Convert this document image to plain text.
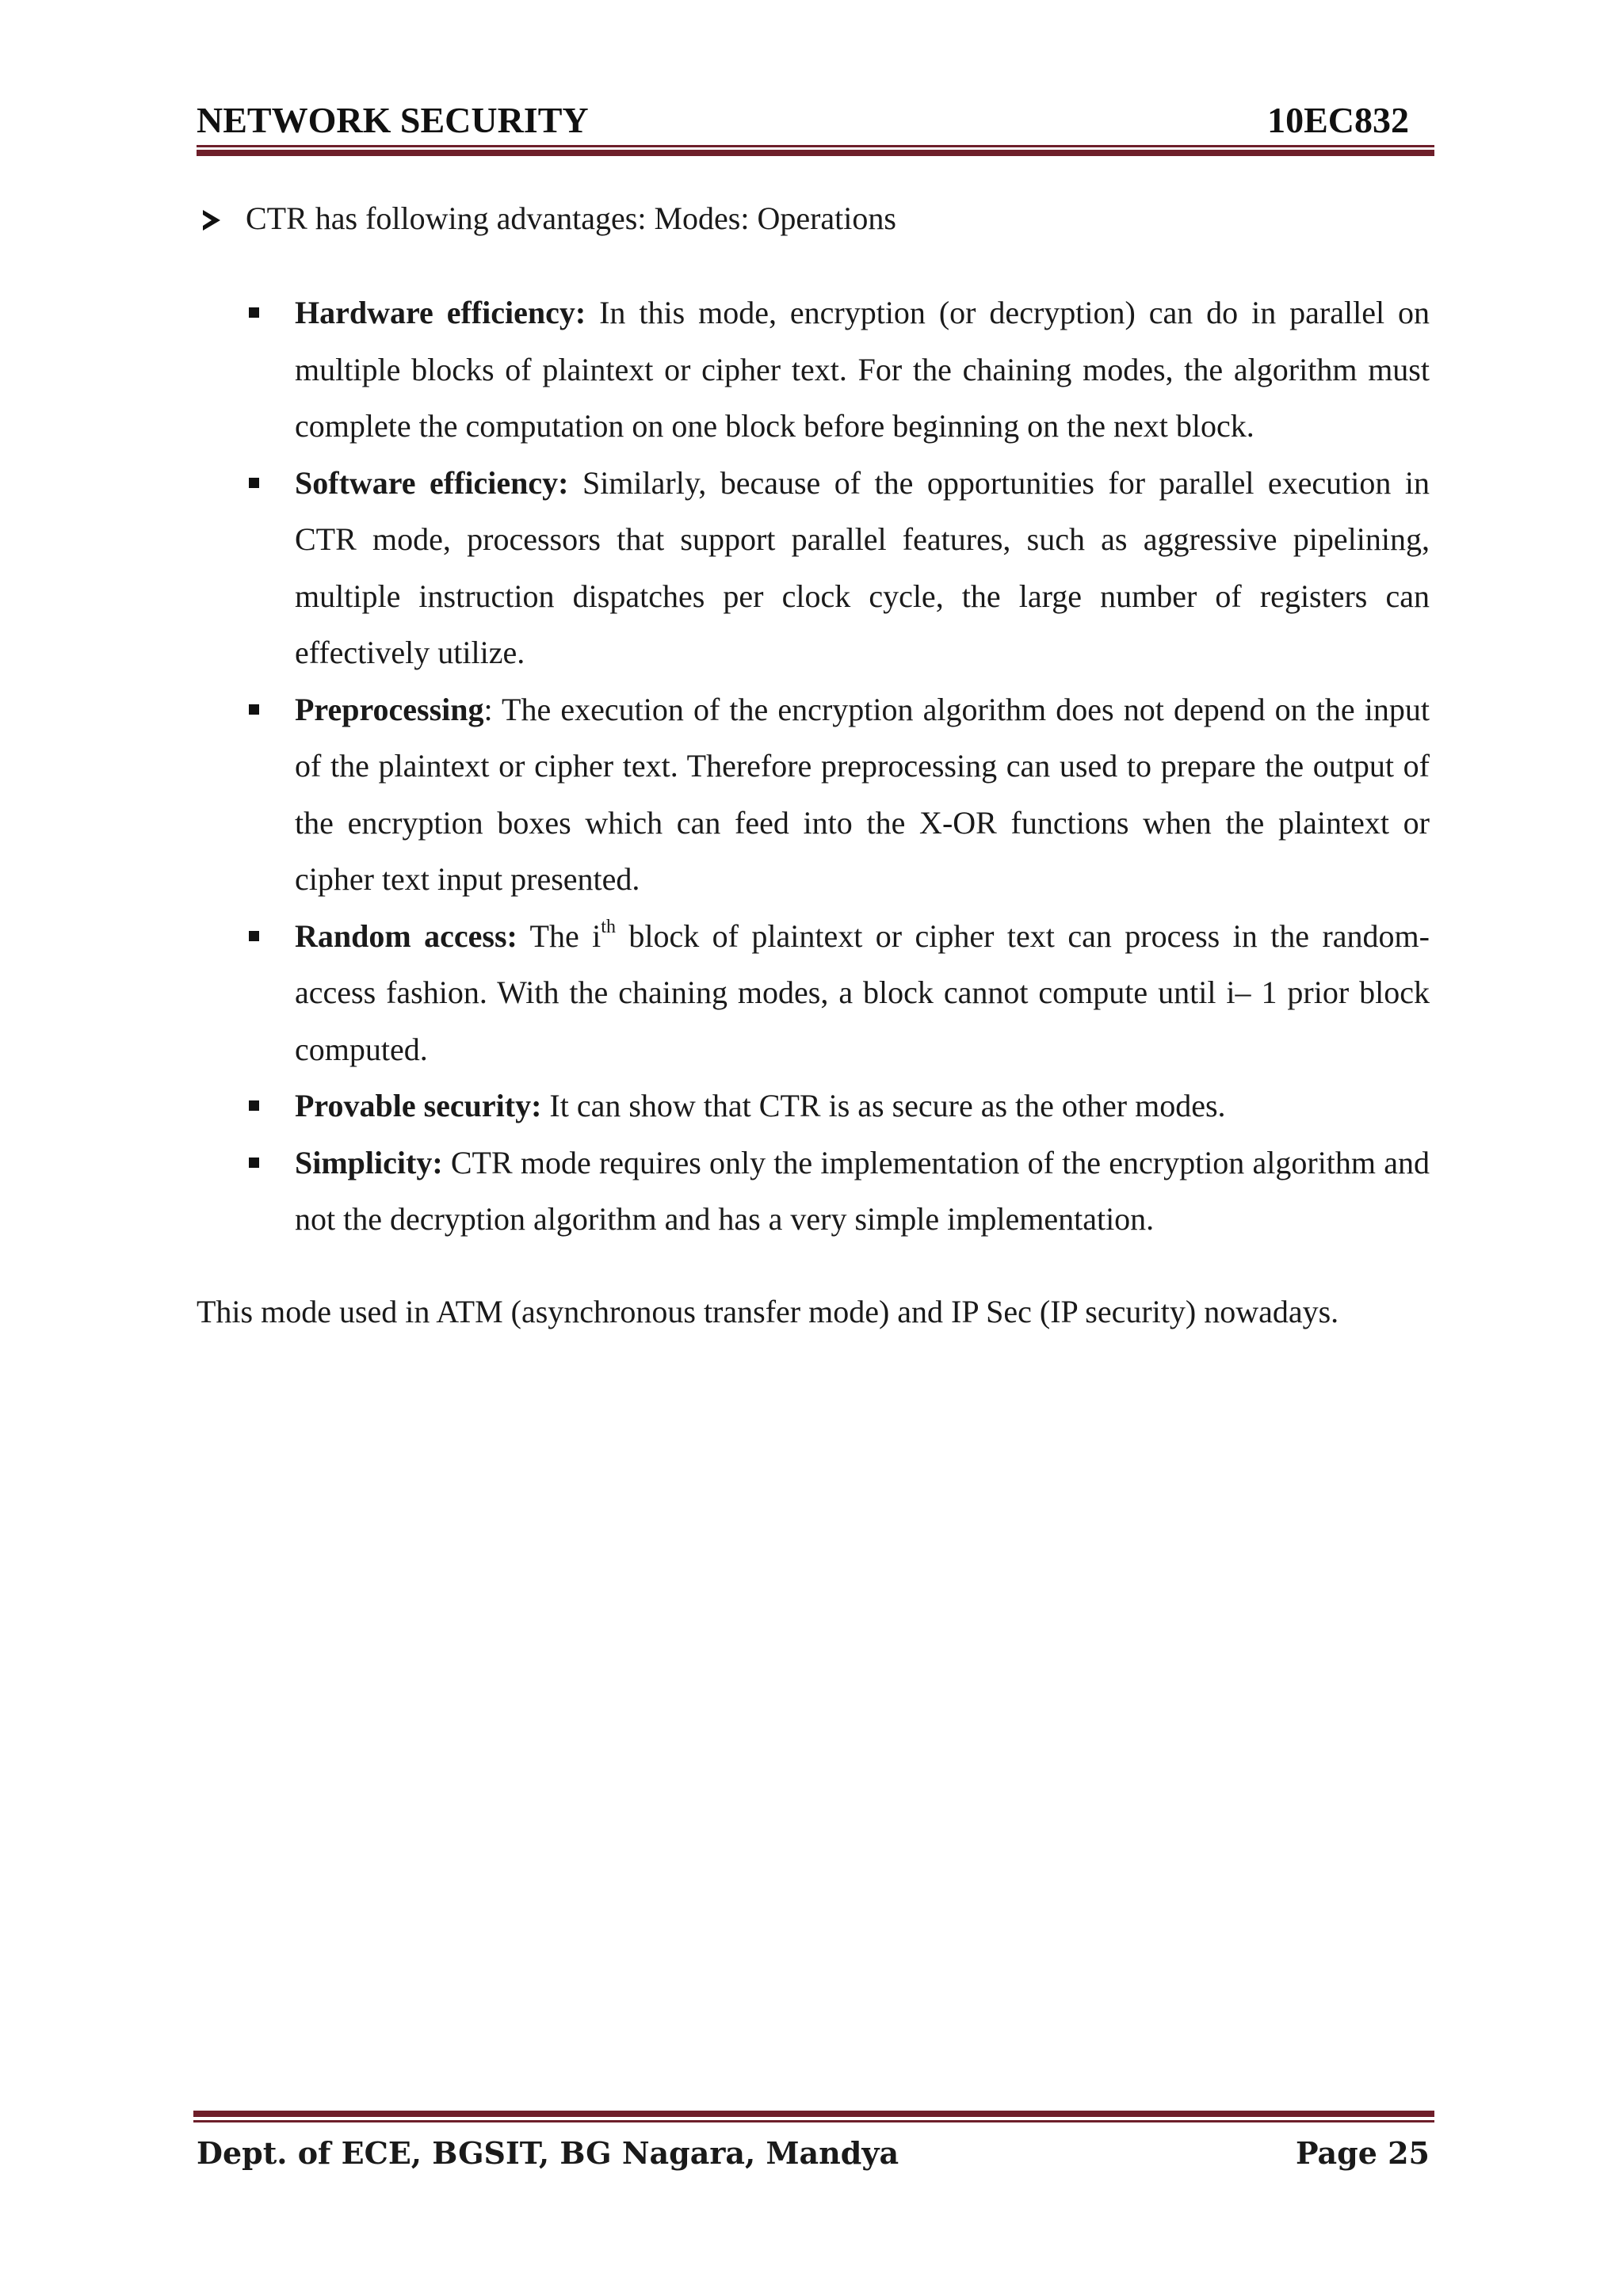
NETWORK SECURITY	10EC832

CTR has following advantages: Modes: Operations

Hardware efficiency: In this mode, encryption (or decryption) can do in parallel on multiple blocks of plaintext or cipher text. For the chaining modes, the algorithm must complete the computation on one block before beginning on the next block.
Software efficiency: Similarly, because of the opportunities for parallel execution in CTR mode, processors that support parallel features, such as aggressive pipelining, multiple instruction dispatches per clock cycle, the large number of registers can effectively utilize.
Preprocessing: The execution of the encryption algorithm does not depend on the input of the plaintext or cipher text. Therefore preprocessing can used to prepare the output of the encryption boxes which can feed into the X-OR functions when the plaintext or cipher text input presented.
Random access: The $i^{th}$ block of plaintext or cipher text can process in the random-access fashion. With the chaining modes, a block cannot compute until i– 1 prior block computed.
Provable security: It can show that CTR is as secure as the other modes.
Simplicity: CTR mode requires only the implementation of the encryption algorithm and not the decryption algorithm and has a very simple implementation.

This mode used in ATM (asynchronous transfer mode) and IP Sec (IP security) nowadays.

Dept. of ECE, BGSIT, BG Nagara, Mandya	Page 25
